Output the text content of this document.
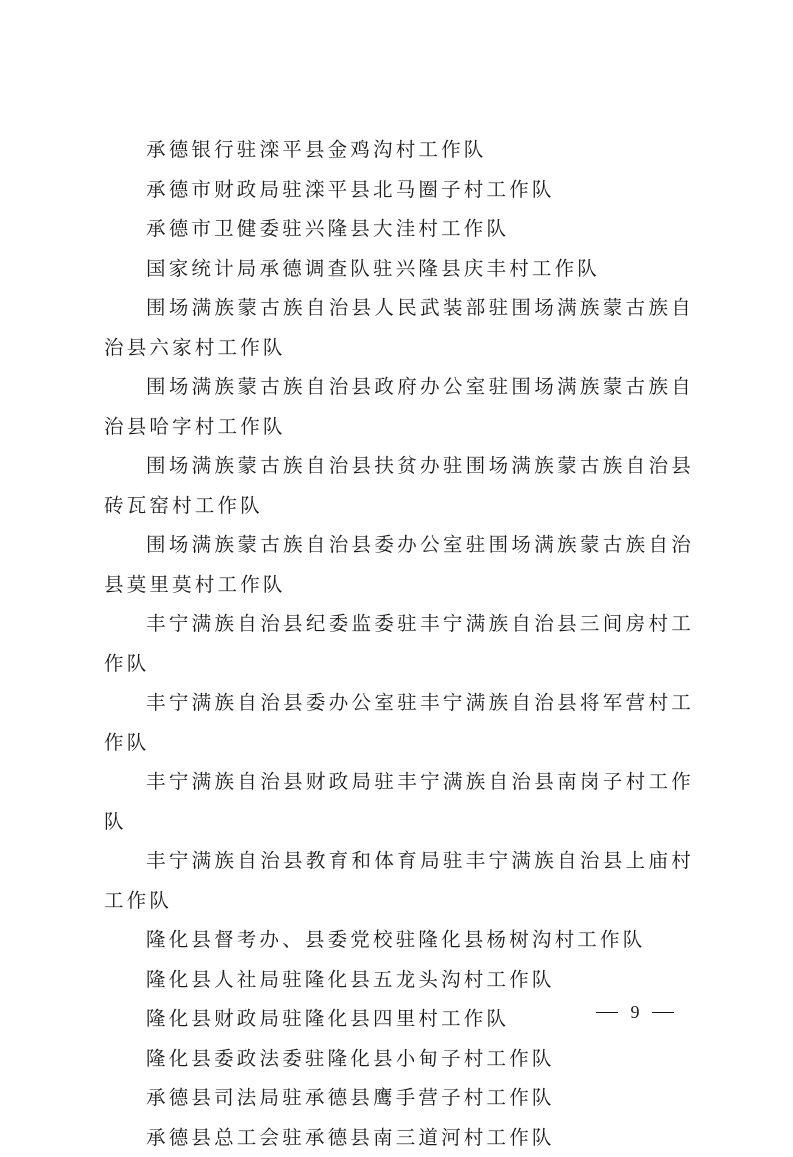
承德银行驻滦平县金鸡沟村工作队

承德市财政局驻滦平县北马圈子村工作队

承德市卫健委驻兴隆县大洼村工作队

国家统计局承德调查队驻兴隆县庆丰村工作队

围场满族蒙古族自治县人民武装部驻围场满族蒙古族自治县六家村工作队

围场满族蒙古族自治县政府办公室驻围场满族蒙古族自治县哈字村工作队

围场满族蒙古族自治县扶贫办驻围场满族蒙古族自治县砖瓦窑村工作队

围场满族蒙古族自治县委办公室驻围场满族蒙古族自治县莫里莫村工作队

丰宁满族自治县纪委监委驻丰宁满族自治县三间房村工作队

丰宁满族自治县委办公室驻丰宁满族自治县将军营村工作队

丰宁满族自治县财政局驻丰宁满族自治县南岗子村工作队

丰宁满族自治县教育和体育局驻丰宁满族自治县上庙村工作队

隆化县督考办、县委党校驻隆化县杨树沟村工作队

隆化县人社局驻隆化县五龙头沟村工作队

隆化县财政局驻隆化县四里村工作队

隆化县委政法委驻隆化县小甸子村工作队

承德县司法局驻承德县鹰手营子村工作队

承德县总工会驻承德县南三道河村工作队

9
